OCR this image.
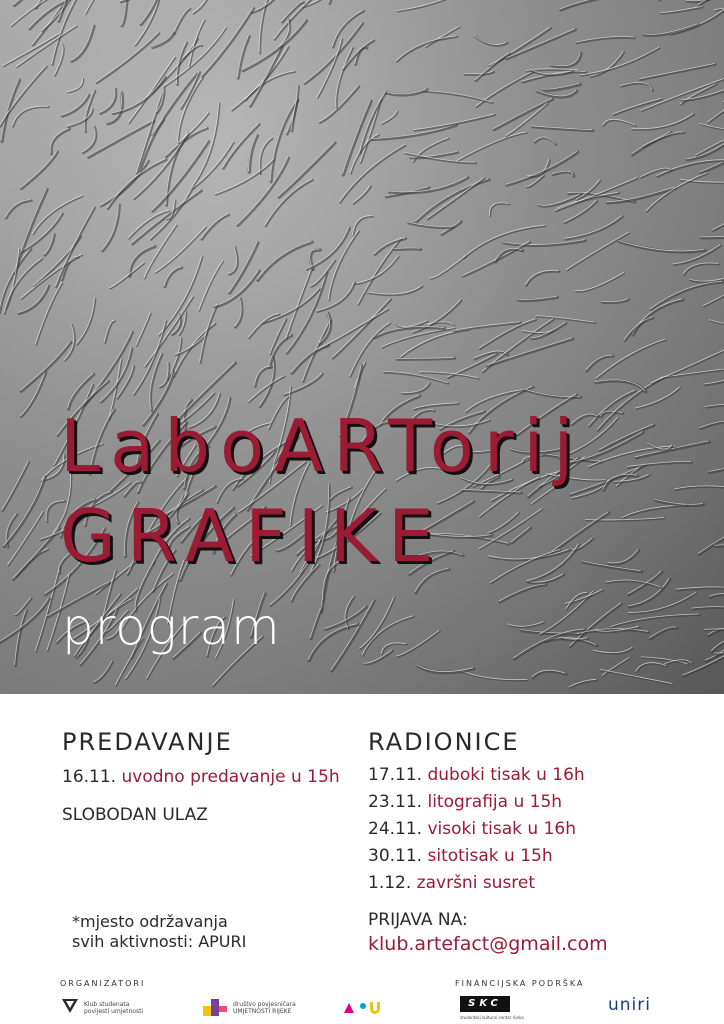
LaboARTorij
GRAFIKE
program
PREDAVANJE
16.11. uvodno predavanje u 15h
SLOBODAN ULAZ
RADIONICE
17.11. duboki tisak u 16h
23.11. litografija u 15h
24.11. visoki tisak u 16h
30.11. sitotisak u 15h
1.12. završni susret
*mjesto održavanja
svih aktivnosti: APURI
PRIJAVA NA:
klub.artefact@gmail.com
ORGANIZATORI	FINANCIJSKA PODRŠKA
Klub studenata
povijesti umjetnosti
društvo povjesničara
UMJETNOSTI RIJEKE
SKC
studentski kulturni centar rijeka
uniri
